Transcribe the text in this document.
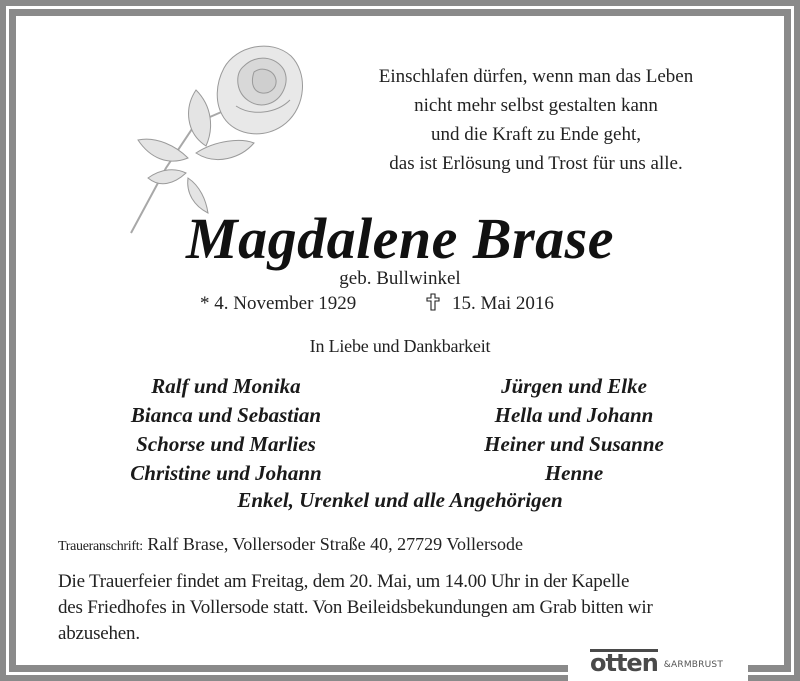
Einschlafen dürfen, wenn man das Leben
nicht mehr selbst gestalten kann
und die Kraft zu Ende geht,
das ist Erlösung und Trost für uns alle.
Magdalene Brase
geb. Bullwinkel
* 4. November 1929	15. Mai 2016
In Liebe und Dankbarkeit
Ralf und Monika
Bianca und Sebastian
Schorse und Marlies
Christine und Johann
Jürgen und Elke
Hella und Johann
Heiner und Susanne
Henne
Enkel, Urenkel und alle Angehörigen
Traueranschrift: Ralf Brase, Vollersoder Straße 40, 27729 Vollersode
Die Trauerfeier findet am Freitag, dem 20. Mai, um 14.00 Uhr in der Kapelle
des Friedhofes in Vollersode statt. Von Beileidsbekundungen am Grab bitten wir
abzusehen.
otten &ARMBRUST
